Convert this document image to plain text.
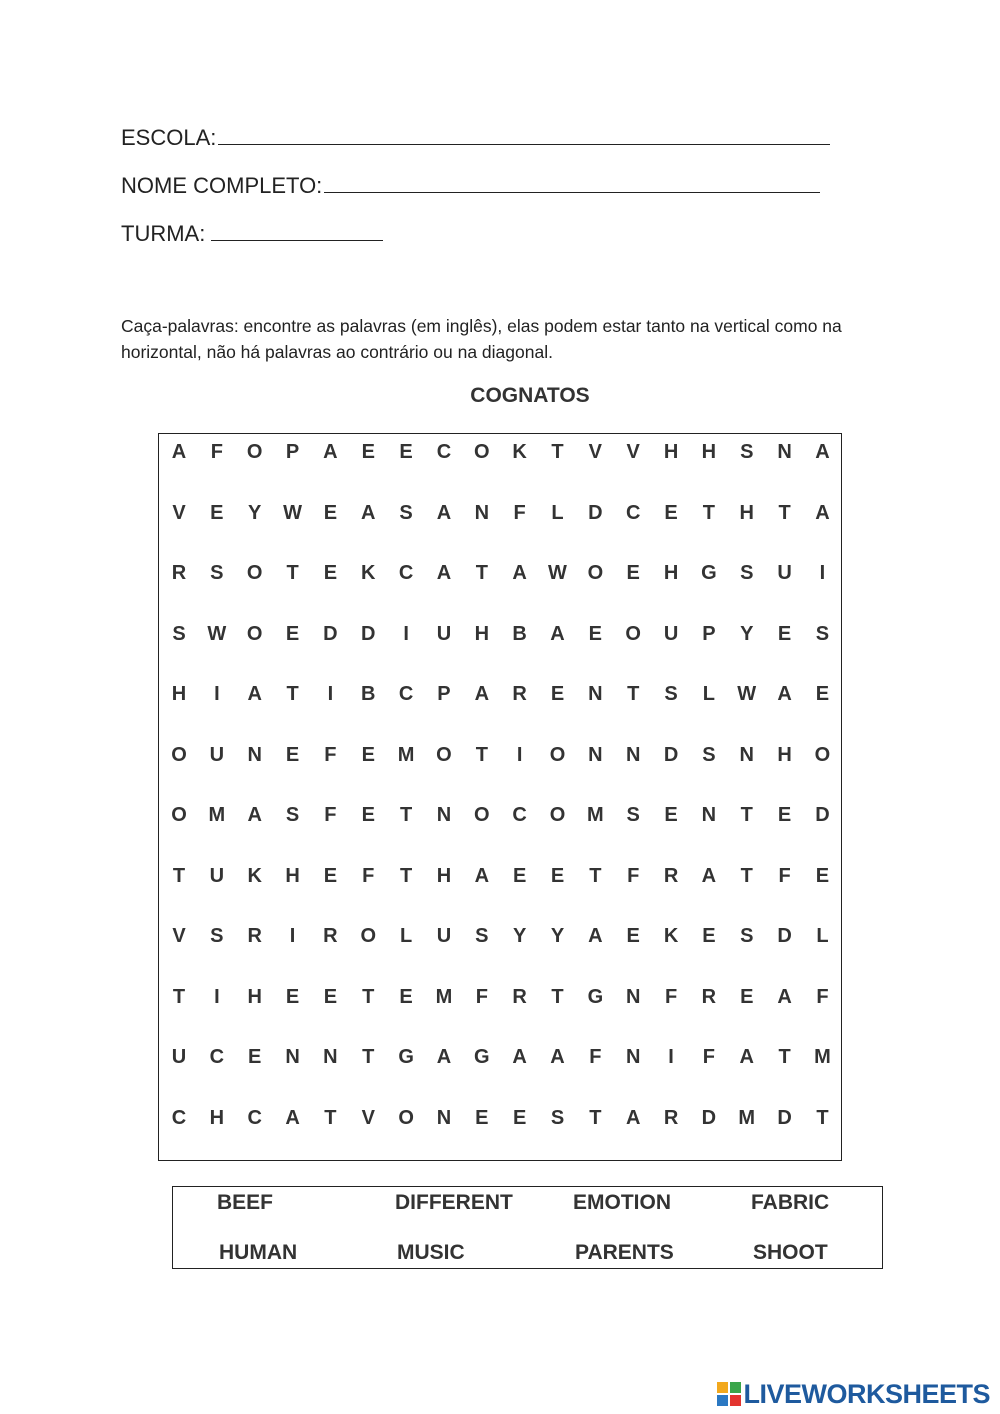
ESCOLA:
NOME COMPLETO:
TURMA:
Caça-palavras: encontre as palavras (em inglês), elas podem estar tanto na vertical como na horizontal, não há palavras ao contrário ou na diagonal.
COGNATOS
A	F	O	P	A	E	E	C	O	K	T	V	V	H	H	S	N	A
V	E	Y	W	E	A	S	A	N	F	L	D	C	E	T	H	T	A
R	S	O	T	E	K	C	A	T	A	W	O	E	H	G	S	U	I
S	W	O	E	D	D	I	U	H	B	A	E	O	U	P	Y	E	S
H	I	A	T	I	B	C	P	A	R	E	N	T	S	L	W	A	E
O	U	N	E	F	E	M	O	T	I	O	N	N	D	S	N	H	O
O	M	A	S	F	E	T	N	O	C	O	M	S	E	N	T	E	D
T	U	K	H	E	F	T	H	A	E	E	T	F	R	A	T	F	E
V	S	R	I	R	O	L	U	S	Y	Y	A	E	K	E	S	D	L
T	I	H	E	E	T	E	M	F	R	T	G	N	F	R	E	A	F
U	C	E	N	N	T	G	A	G	A	A	F	N	I	F	A	T	M
C	H	C	A	T	V	O	N	E	E	S	T	A	R	D	M	D	T
BEEF	DIFFERENT	EMOTION	FABRIC
HUMAN	MUSIC	PARENTS	SHOOT
LIVEWORKSHEETS
